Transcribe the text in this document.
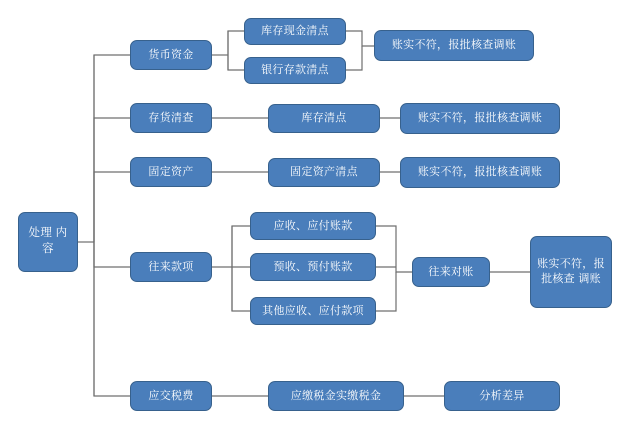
处理 内容
货币资金
库存现金清点
银行存款清点
账实不符，报批核查调账
存货清查	库存清点	账实不符，报批核查调账
固定资产	固定资产清点	账实不符，报批核查调账
往来款项
应收、应付账款
预收、预付账款
其他应收、应付款项
往来对账
账实不符，报 批核查 调账
应交税费	应缴税金实缴税金	分析差异
